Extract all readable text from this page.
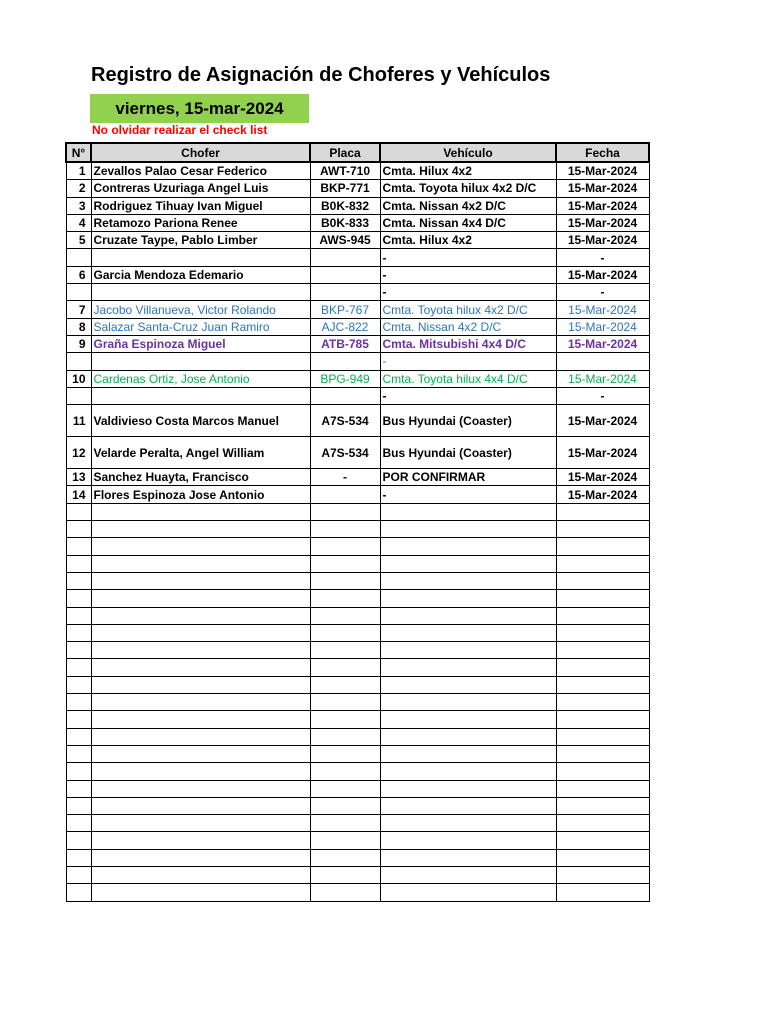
Registro de Asignación de Choferes y Vehículos
viernes, 15-mar-2024
No olvidar realizar el check list
N°	Chofer	Placa	Vehículo	Fecha
1	Zevallos Palao Cesar Federico	AWT-710	Cmta. Hilux 4x2	15-Mar-2024
2	Contreras Uzuriaga Angel Luis	BKP-771	Cmta. Toyota hilux 4x2 D/C	15-Mar-2024
3	Rodriguez Tihuay Ivan Miguel	B0K-832	Cmta. Nissan 4x2 D/C	15-Mar-2024
4	Retamozo Pariona Renee	B0K-833	Cmta. Nissan 4x4 D/C	15-Mar-2024
5	Cruzate Taype, Pablo Limber	AWS-945	Cmta. Hilux 4x2	15-Mar-2024
			-	-
6	Garcia Mendoza Edemario		-	15-Mar-2024
			-	-
7	Jacobo Villanueva, Victor Rolando	BKP-767	Cmta. Toyota hilux 4x2 D/C	15-Mar-2024
8	Salazar Santa-Cruz Juan Ramiro	AJC-822	Cmta. Nissan 4x2 D/C	15-Mar-2024
9	Graña Espinoza Miguel	ATB-785	Cmta. Mitsubishi 4x4 D/C	15-Mar-2024
			-	
10	Cardenas Ortiz, Jose Antonio	BPG-949	Cmta. Toyota hilux 4x4 D/C	15-Mar-2024
			-	-
11	Valdivieso Costa Marcos Manuel	A7S-534	Bus Hyundai (Coaster)	15-Mar-2024
12	Velarde Peralta, Angel William	A7S-534	Bus Hyundai (Coaster)	15-Mar-2024
13	Sanchez Huayta, Francisco	-	POR CONFIRMAR	15-Mar-2024
14	Flores Espinoza Jose Antonio		-	15-Mar-2024
